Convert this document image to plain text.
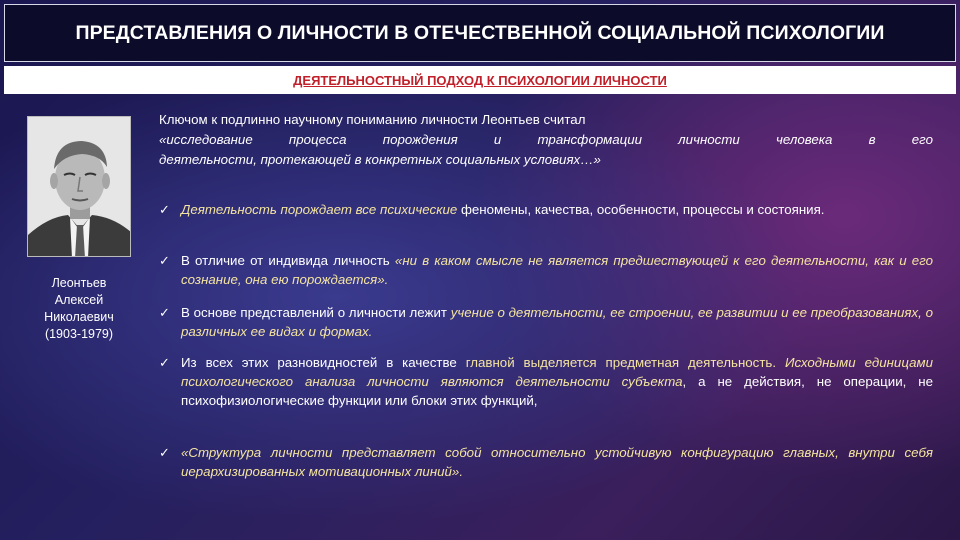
ПРЕДСТАВЛЕНИЯ О ЛИЧНОСТИ В ОТЕЧЕСТВЕННОЙ СОЦИАЛЬНОЙ ПСИХОЛОГИИ
ДЕЯТЕЛЬНОСТНЫЙ ПОДХОД К ПСИХОЛОГИИ ЛИЧНОСТИ
Леонтьев
Алексей
Николаевич
(1903-1979)
Ключом к подлинно научному пониманию личности Леонтьев считал
«исследование процесса порождения и трансформации личности человека в его
деятельности, протекающей в конкретных социальных условиях…»
✓ Деятельность порождает все психические феномены, качества, особенности, процессы и состояния.
✓ В отличие от индивида личность «ни в каком смысле не является предшествующей к его деятельности, как и его сознание, она ею порождается».
✓ В основе представлений о личности лежит учение о деятельности, ее строении, ее развитии и ее преобразованиях, о различных ее видах и формах.
✓ Из всех этих разновидностей в качестве главной выделяется предметная деятельность. Исходными единицами психологического анализа личности являются деятельности субъекта, а не действия, не операции, не психофизиологические функции или блоки этих функций,
✓ «Структура личности представляет собой относительно устойчивую конфигурацию главных, внутри себя иерархизированных мотивационных линий».
